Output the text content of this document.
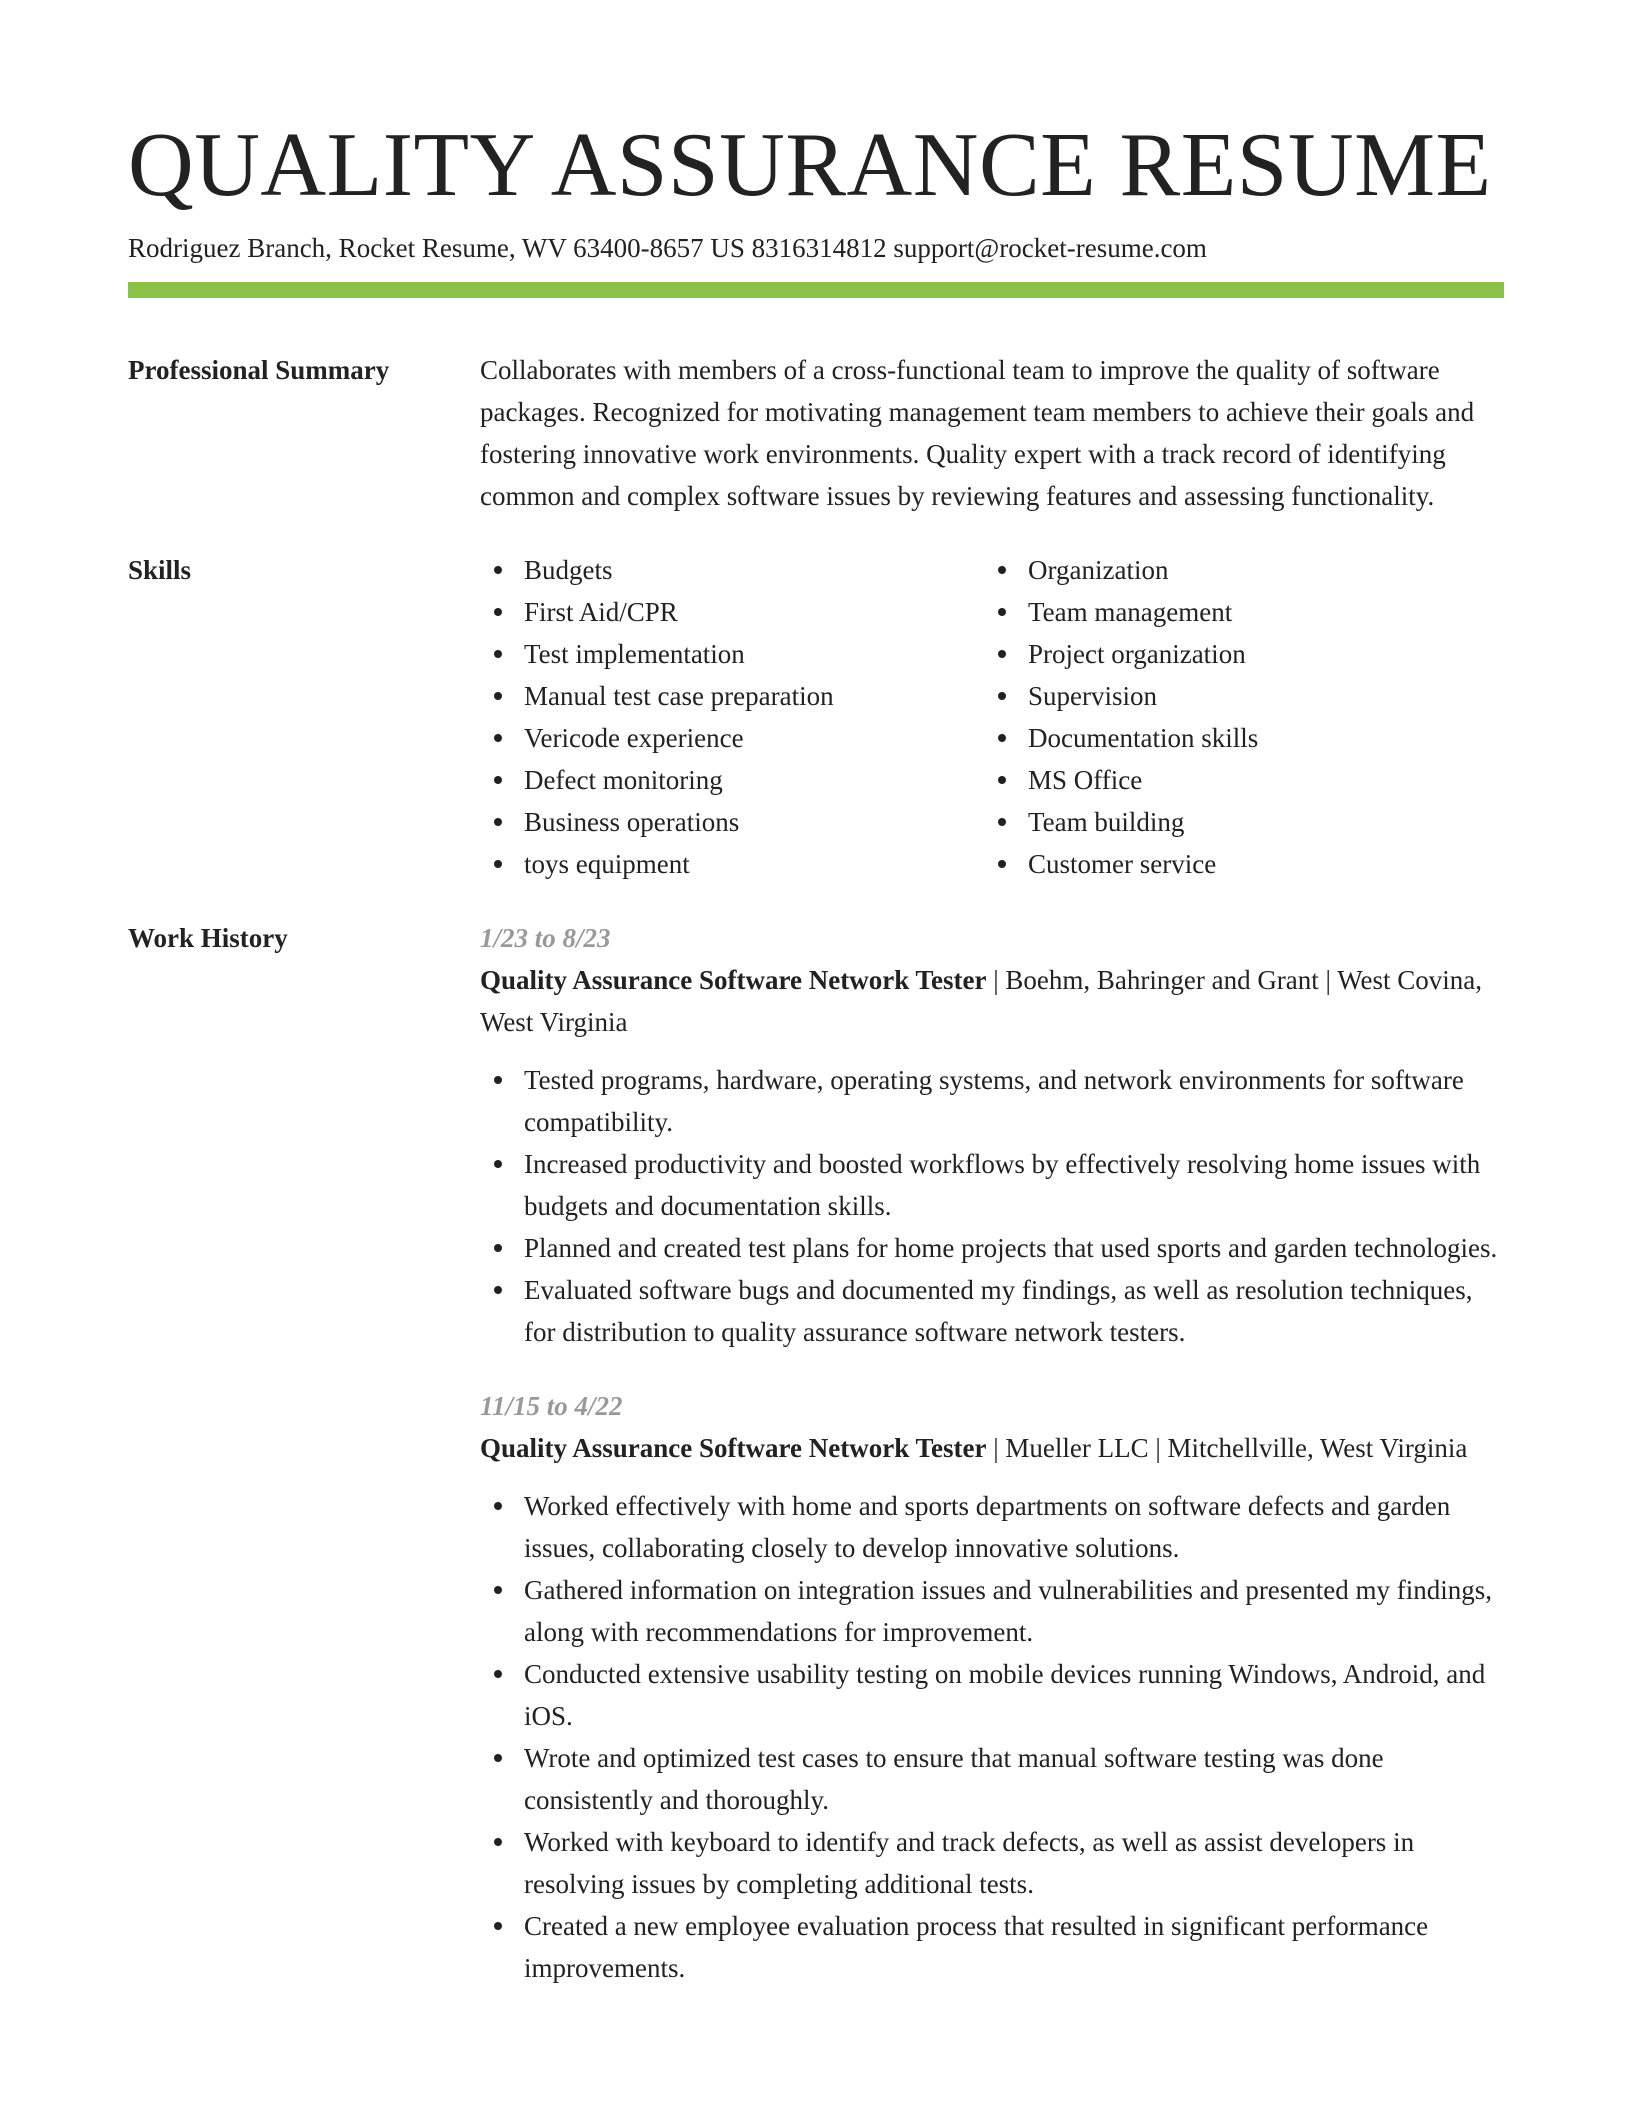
QUALITY ASSURANCE RESUME
Rodriguez Branch, Rocket Resume, WV 63400-8657 US 8316314812 support@rocket-resume.com
Professional Summary	Collaborates with members of a cross-functional team to improve the quality of software packages. Recognized for motivating management team members to achieve their goals and fostering innovative work environments. Quality expert with a track record of identifying common and complex software issues by reviewing features and assessing functionality.

Skills	Budgets
First Aid/CPR
Test implementation
Manual test case preparation
Vericode experience
Defect monitoring
Business operations
toys equipment
Organization
Team management
Project organization
Supervision
Documentation skills
MS Office
Team building
Customer service
Work History	1/23 to 8/23
Quality Assurance Software Network Tester | Boehm, Bahringer and Grant | West Covina, West Virginia
Tested programs, hardware, operating systems, and network environments for software compatibility.
Increased productivity and boosted workflows by effectively resolving home issues with budgets and documentation skills.
Planned and created test plans for home projects that used sports and garden technologies.
Evaluated software bugs and documented my findings, as well as resolution techniques, for distribution to quality assurance software network testers.
11/15 to 4/22
Quality Assurance Software Network Tester | Mueller LLC | Mitchellville, West Virginia
Worked effectively with home and sports departments on software defects and garden issues, collaborating closely to develop innovative solutions.
Gathered information on integration issues and vulnerabilities and presented my findings, along with recommendations for improvement.
Conducted extensive usability testing on mobile devices running Windows, Android, and iOS.
Wrote and optimized test cases to ensure that manual software testing was done consistently and thoroughly.
Worked with keyboard to identify and track defects, as well as assist developers in resolving issues by completing additional tests.
Created a new employee evaluation process that resulted in significant performance improvements.
